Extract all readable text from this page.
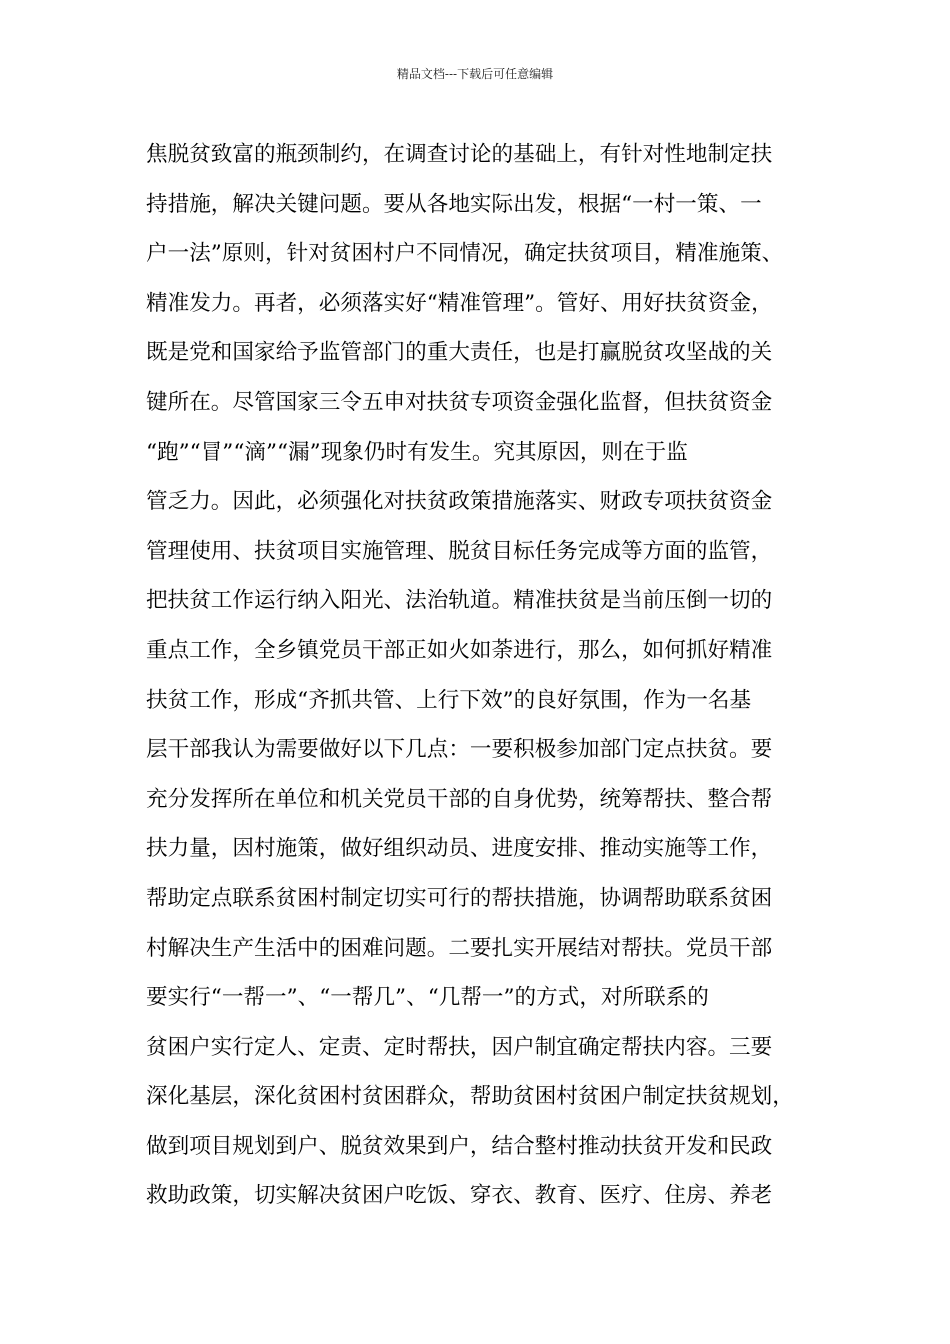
精品文档---下载后可任意编辑
焦脱贫致富的瓶颈制约，在调查讨论的基础上，有针对性地制定扶
持措施，解决关键问题。要从各地实际出发，根据“一村一策、一
户一法”原则，针对贫困村户不同情况，确定扶贫项目，精准施策、
精准发力。再者，必须落实好“精准管理”。管好、用好扶贫资金，
既是党和国家给予监管部门的重大责任，也是打赢脱贫攻坚战的关
键所在。尽管国家三令五申对扶贫专项资金强化监督，但扶贫资金
“跑”“冒”“滴”“漏”现象仍时有发生。究其原因，则在于监
管乏力。因此，必须强化对扶贫政策措施落实、财政专项扶贫资金
管理使用、扶贫项目实施管理、脱贫目标任务完成等方面的监管，
把扶贫工作运行纳入阳光、法治轨道。精准扶贫是当前压倒一切的
重点工作，全乡镇党员干部正如火如荼进行，那么，如何抓好精准
扶贫工作，形成“齐抓共管、上行下效”的良好氛围，作为一名基
层干部我认为需要做好以下几点：一要积极参加部门定点扶贫。要
充分发挥所在单位和机关党员干部的自身优势，统筹帮扶、整合帮
扶力量，因村施策，做好组织动员、进度安排、推动实施等工作，
帮助定点联系贫困村制定切实可行的帮扶措施，协调帮助联系贫困
村解决生产生活中的困难问题。二要扎实开展结对帮扶。党员干部
要实行“一帮一”、“一帮几”、“几帮一”的方式，对所联系的
贫困户实行定人、定责、定时帮扶，因户制宜确定帮扶内容。三要
深化基层，深化贫困村贫困群众，帮助贫困村贫困户制定扶贫规划，
做到项目规划到户、脱贫效果到户，结合整村推动扶贫开发和民政
救助政策，切实解决贫困户吃饭、穿衣、教育、医疗、住房、养老
